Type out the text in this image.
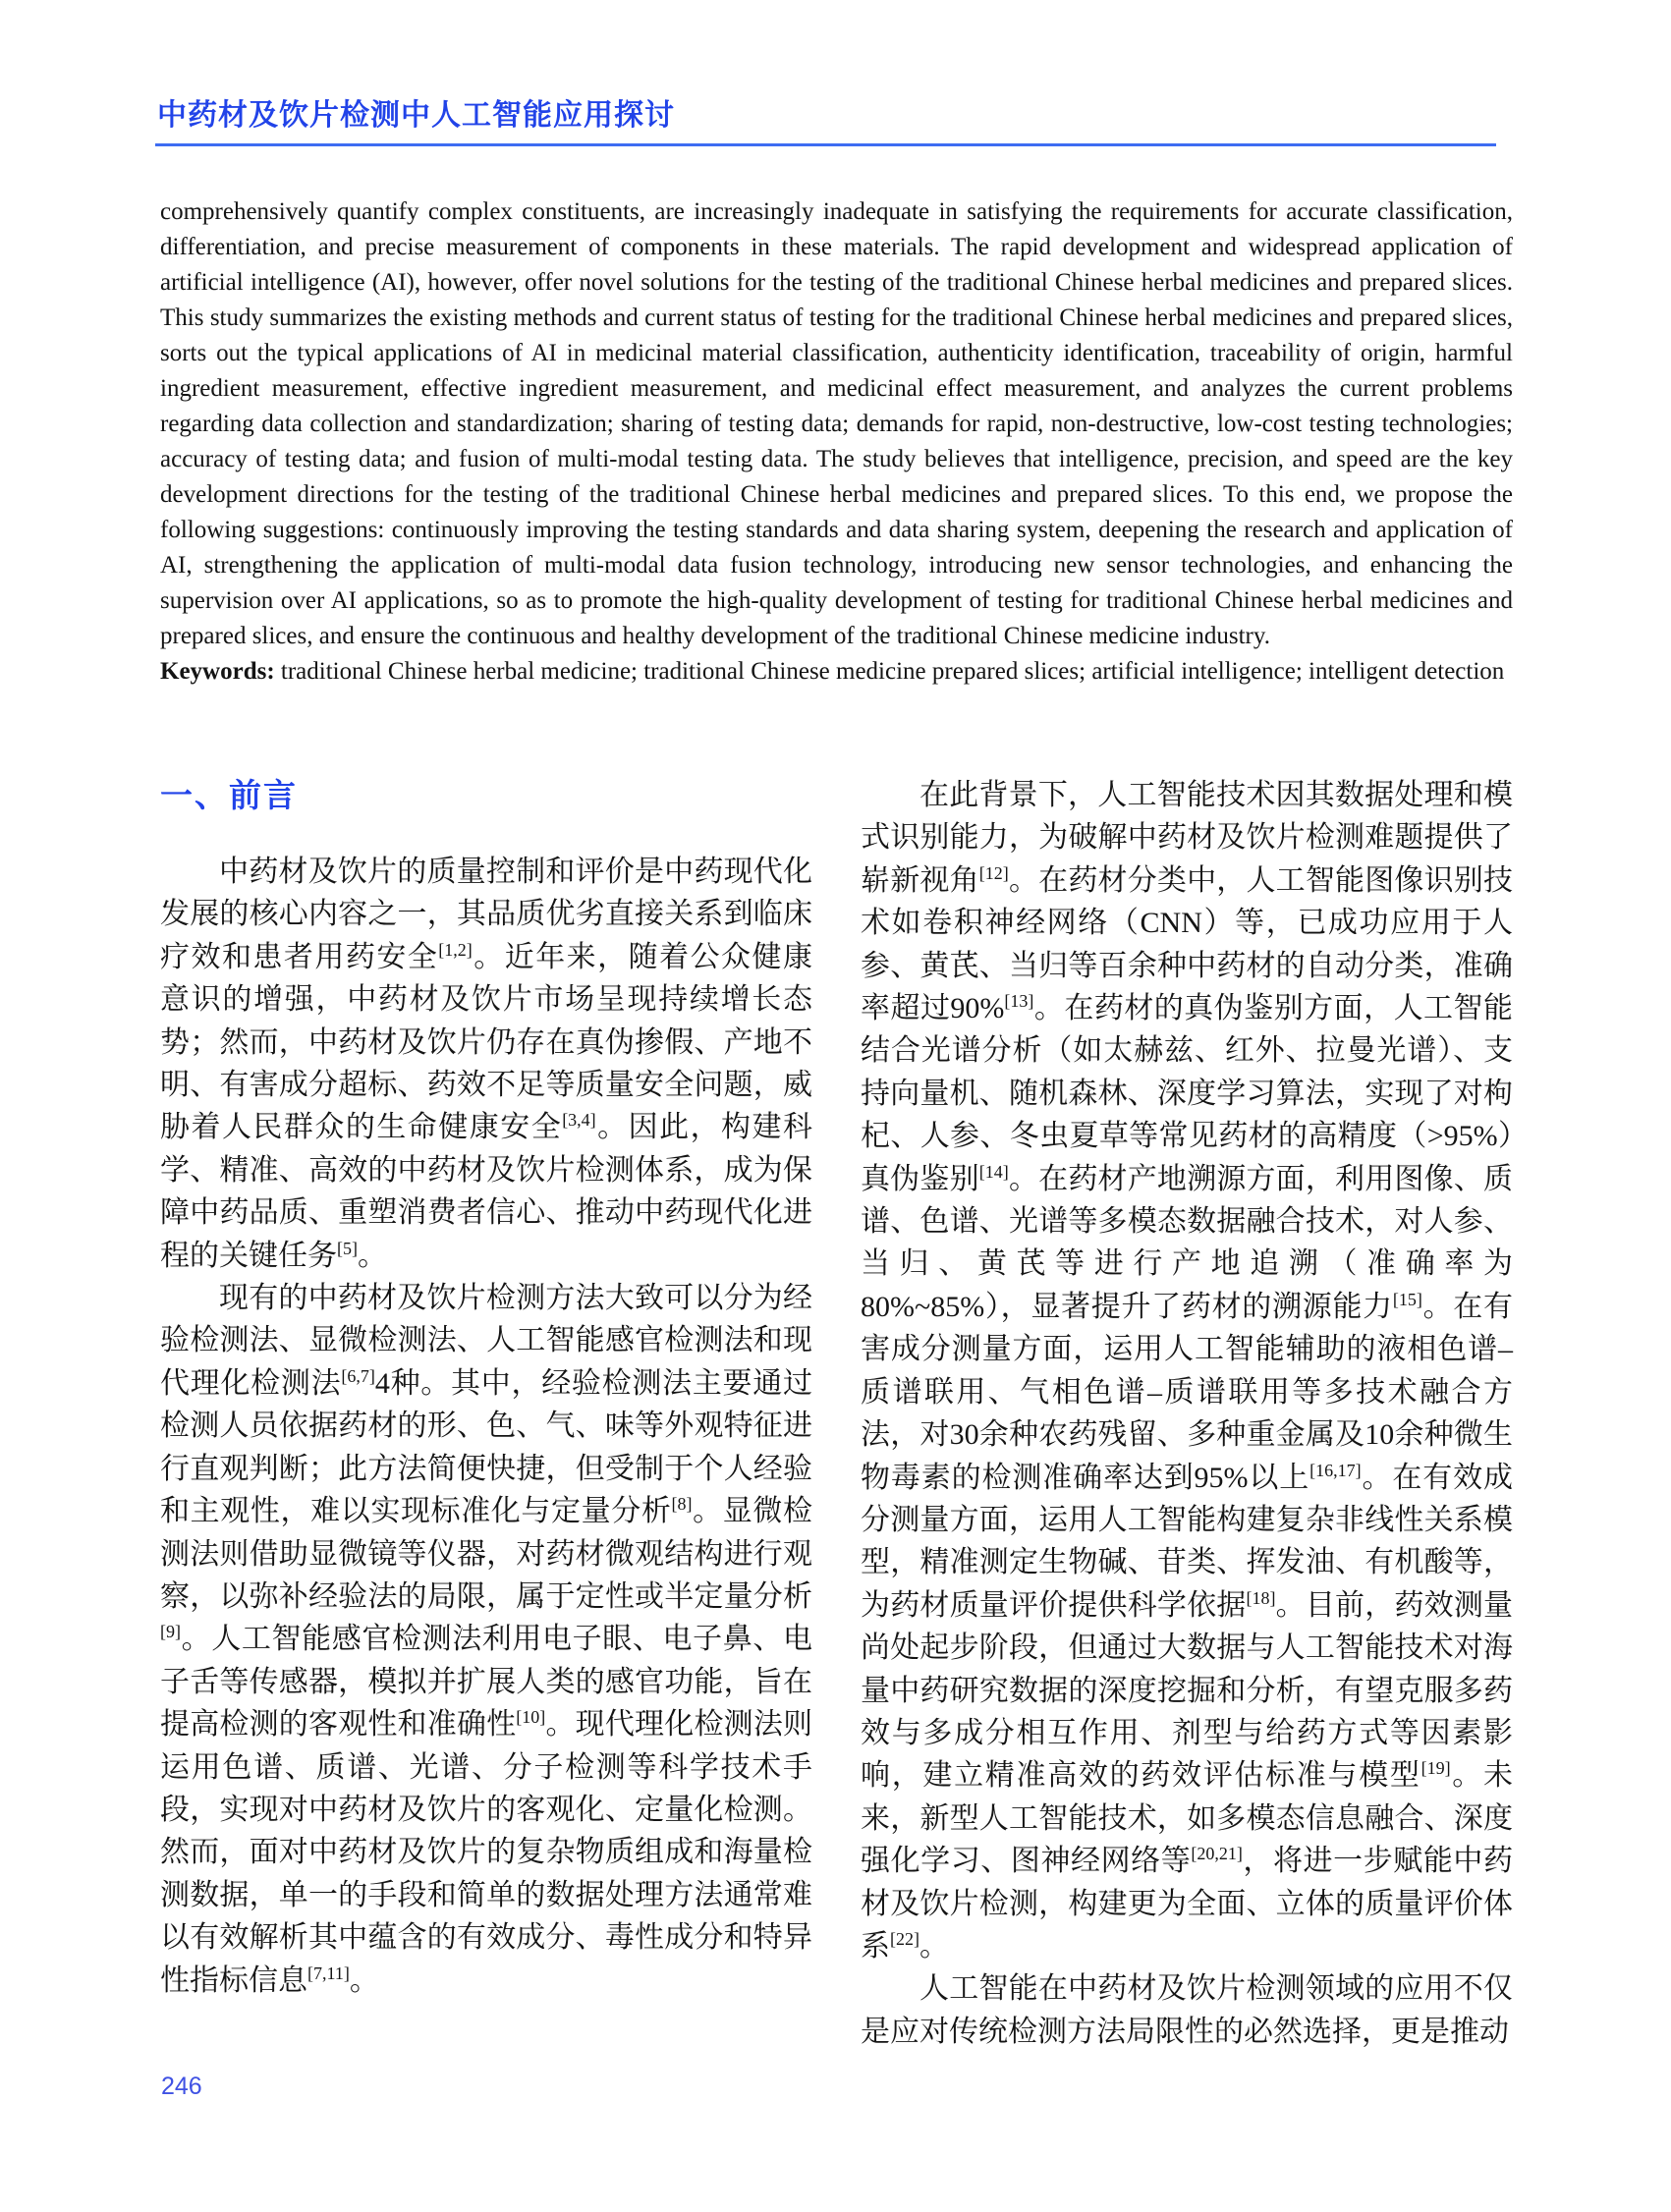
中药材及饮片检测中人工智能应用探讨

comprehensively quantify complex constituents, are increasingly inadequate in satisfying the requirements for accurate classification, differentiation, and precise measurement of components in these materials. The rapid development and widespread application of artificial intelligence (AI), however, offer novel solutions for the testing of the traditional Chinese herbal medicines and prepared slices. This study summarizes the existing methods and current status of testing for the traditional Chinese herbal medicines and prepared slices, sorts out the typical applications of AI in medicinal material classification, authenticity identification, traceability of origin, harmful ingredient measurement, effective ingredient measurement, and medicinal effect measurement, and analyzes the current problems regarding data collection and standardization; sharing of testing data; demands for rapid, non-destructive, low-cost testing technologies; accuracy of testing data; and fusion of multi-modal testing data. The study believes that intelligence, precision, and speed are the key development directions for the testing of the traditional Chinese herbal medicines and prepared slices. To this end, we propose the following suggestions: continuously improving the testing standards and data sharing system, deepening the research and application of AI, strengthening the application of multi-modal data fusion technology, introducing new sensor technologies, and enhancing the supervision over AI applications, so as to promote the high-quality development of testing for traditional Chinese herbal medicines and prepared slices, and ensure the continuous and healthy development of the traditional Chinese medicine industry.

Keywords: traditional Chinese herbal medicine; traditional Chinese medicine prepared slices; artificial intelligence; intelligent detection

一、前言

中药材及饮片的质量控制和评价是中药现代化发展的核心内容之一，其品质优劣直接关系到临床疗效和患者用药安全[1,2]。近年来，随着公众健康意识的增强，中药材及饮片市场呈现持续增长态势；然而，中药材及饮片仍存在真伪掺假、产地不明、有害成分超标、药效不足等质量安全问题，威胁着人民群众的生命健康安全[3,4]。因此，构建科学、精准、高效的中药材及饮片检测体系，成为保障中药品质、重塑消费者信心、推动中药现代化进程的关键任务[5]。

现有的中药材及饮片检测方法大致可以分为经验检测法、显微检测法、人工智能感官检测法和现代理化检测法[6,7]4种。其中，经验检测法主要通过检测人员依据药材的形、色、气、味等外观特征进行直观判断；此方法简便快捷，但受制于个人经验和主观性，难以实现标准化与定量分析[8]。显微检测法则借助显微镜等仪器，对药材微观结构进行观察，以弥补经验法的局限，属于定性或半定量分析[9]。人工智能感官检测法利用电子眼、电子鼻、电子舌等传感器，模拟并扩展人类的感官功能，旨在提高检测的客观性和准确性[10]。现代理化检测法则运用色谱、质谱、光谱、分子检测等科学技术手段，实现对中药材及饮片的客观化、定量化检测。然而，面对中药材及饮片的复杂物质组成和海量检测数据，单一的手段和简单的数据处理方法通常难以有效解析其中蕴含的有效成分、毒性成分和特异性指标信息[7,11]。

在此背景下，人工智能技术因其数据处理和模式识别能力，为破解中药材及饮片检测难题提供了崭新视角[12]。在药材分类中，人工智能图像识别技术如卷积神经网络（CNN）等，已成功应用于人参、黄芪、当归等百余种中药材的自动分类，准确率超过90%[13]。在药材的真伪鉴别方面，人工智能结合光谱分析（如太赫兹、红外、拉曼光谱）、支持向量机、随机森林、深度学习算法，实现了对枸杞、人参、冬虫夏草等常见药材的高精度（>95%）真伪鉴别[14]。在药材产地溯源方面，利用图像、质谱、色谱、光谱等多模态数据融合技术，对人参、当归、黄芪等进行产地追溯（准确率为80%~85%），显著提升了药材的溯源能力[15]。在有害成分测量方面，运用人工智能辅助的液相色谱–质谱联用、气相色谱–质谱联用等多技术融合方法，对30余种农药残留、多种重金属及10余种微生物毒素的检测准确率达到95%以上[16,17]。在有效成分测量方面，运用人工智能构建复杂非线性关系模型，精准测定生物碱、苷类、挥发油、有机酸等，为药材质量评价提供科学依据[18]。目前，药效测量尚处起步阶段，但通过大数据与人工智能技术对海量中药研究数据的深度挖掘和分析，有望克服多药效与多成分相互作用、剂型与给药方式等因素影响，建立精准高效的药效评估标准与模型[19]。未来，新型人工智能技术，如多模态信息融合、深度强化学习、图神经网络等[20,21]，将进一步赋能中药材及饮片检测，构建更为全面、立体的质量评价体系[22]。

人工智能在中药材及饮片检测领域的应用不仅是应对传统检测方法局限性的必然选择，更是推动

246
